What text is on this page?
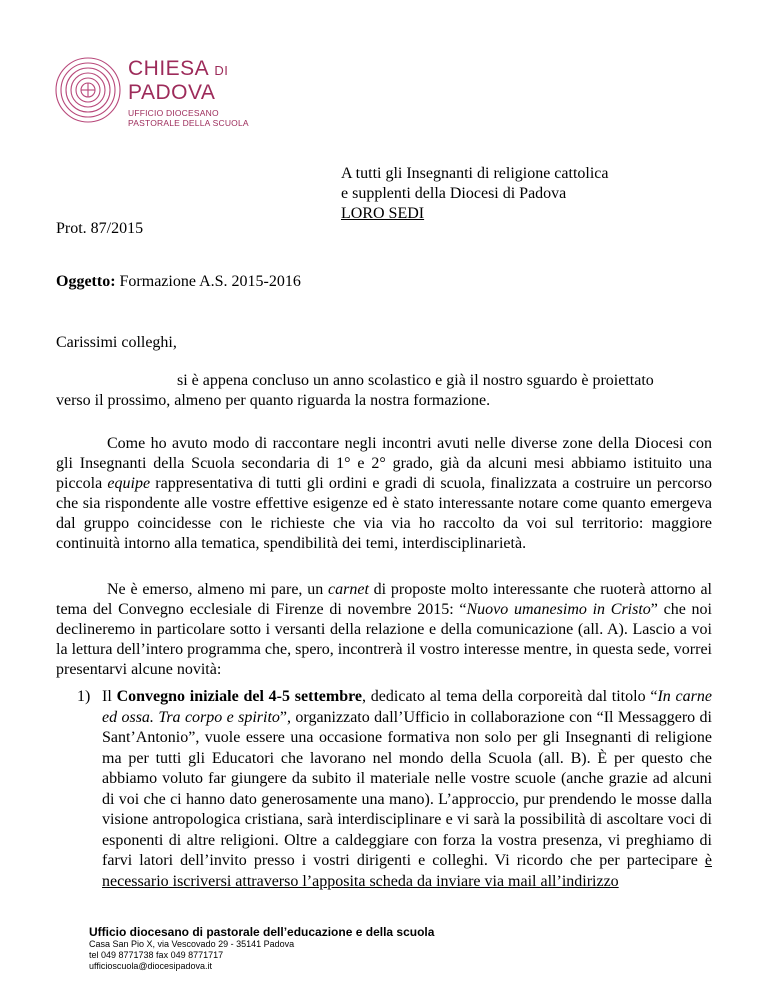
CHIESA DI
PADOVA
UFFICIO DIOCESANO
PASTORALE DELLA SCUOLA
A tutti gli Insegnanti di religione cattolica
e supplenti della Diocesi di Padova
LORO SEDI
Prot. 87/2015
Oggetto: Formazione A.S. 2015-2016
Carissimi colleghi,
si è appena concluso un anno scolastico e già il nostro sguardo è proiettato
verso il prossimo, almeno per quanto riguarda la nostra formazione.
Come ho avuto modo di raccontare negli incontri avuti nelle diverse zone della Diocesi con gli Insegnanti della Scuola secondaria di 1° e 2° grado, già da alcuni mesi abbiamo istituito una piccola equipe rappresentativa di tutti gli ordini e gradi di scuola, finalizzata a costruire un percorso che sia rispondente alle vostre effettive esigenze ed è stato interessante notare come quanto emergeva dal gruppo coincidesse con le richieste che via via ho raccolto da voi sul territorio: maggiore continuità intorno alla tematica, spendibilità dei temi, interdisciplinarietà.
Ne è emerso, almeno mi pare, un carnet di proposte molto interessante che ruoterà attorno al tema del Convegno ecclesiale di Firenze di novembre 2015: “Nuovo umanesimo in Cristo” che noi declineremo in particolare sotto i versanti della relazione e della comunicazione (all. A). Lascio a voi la lettura dell’intero programma che, spero, incontrerà il vostro interesse mentre, in questa sede, vorrei presentarvi alcune novità:
1) Il Convegno iniziale del 4-5 settembre, dedicato al tema della corporeità dal titolo “In carne ed ossa. Tra corpo e spirito”, organizzato dall’Ufficio in collaborazione con “Il Messaggero di Sant’Antonio”, vuole essere una occasione formativa non solo per gli Insegnanti di religione ma per tutti gli Educatori che lavorano nel mondo della Scuola (all. B). È per questo che abbiamo voluto far giungere da subito il materiale nelle vostre scuole (anche grazie ad alcuni di voi che ci hanno dato generosamente una mano). L’approccio, pur prendendo le mosse dalla visione antropologica cristiana, sarà interdisciplinare e vi sarà la possibilità di ascoltare voci di esponenti di altre religioni. Oltre a caldeggiare con forza la vostra presenza, vi preghiamo di farvi latori dell’invito presso i vostri dirigenti e colleghi. Vi ricordo che per partecipare è necessario iscriversi attraverso l’apposita scheda da inviare via mail all’indirizzo
Ufficio diocesano di pastorale dell’educazione e della scuola
Casa San Pio X, via Vescovado 29 - 35141 Padova
tel 049 8771738 fax 049 8771717
ufficioscuola@diocesipadova.it
